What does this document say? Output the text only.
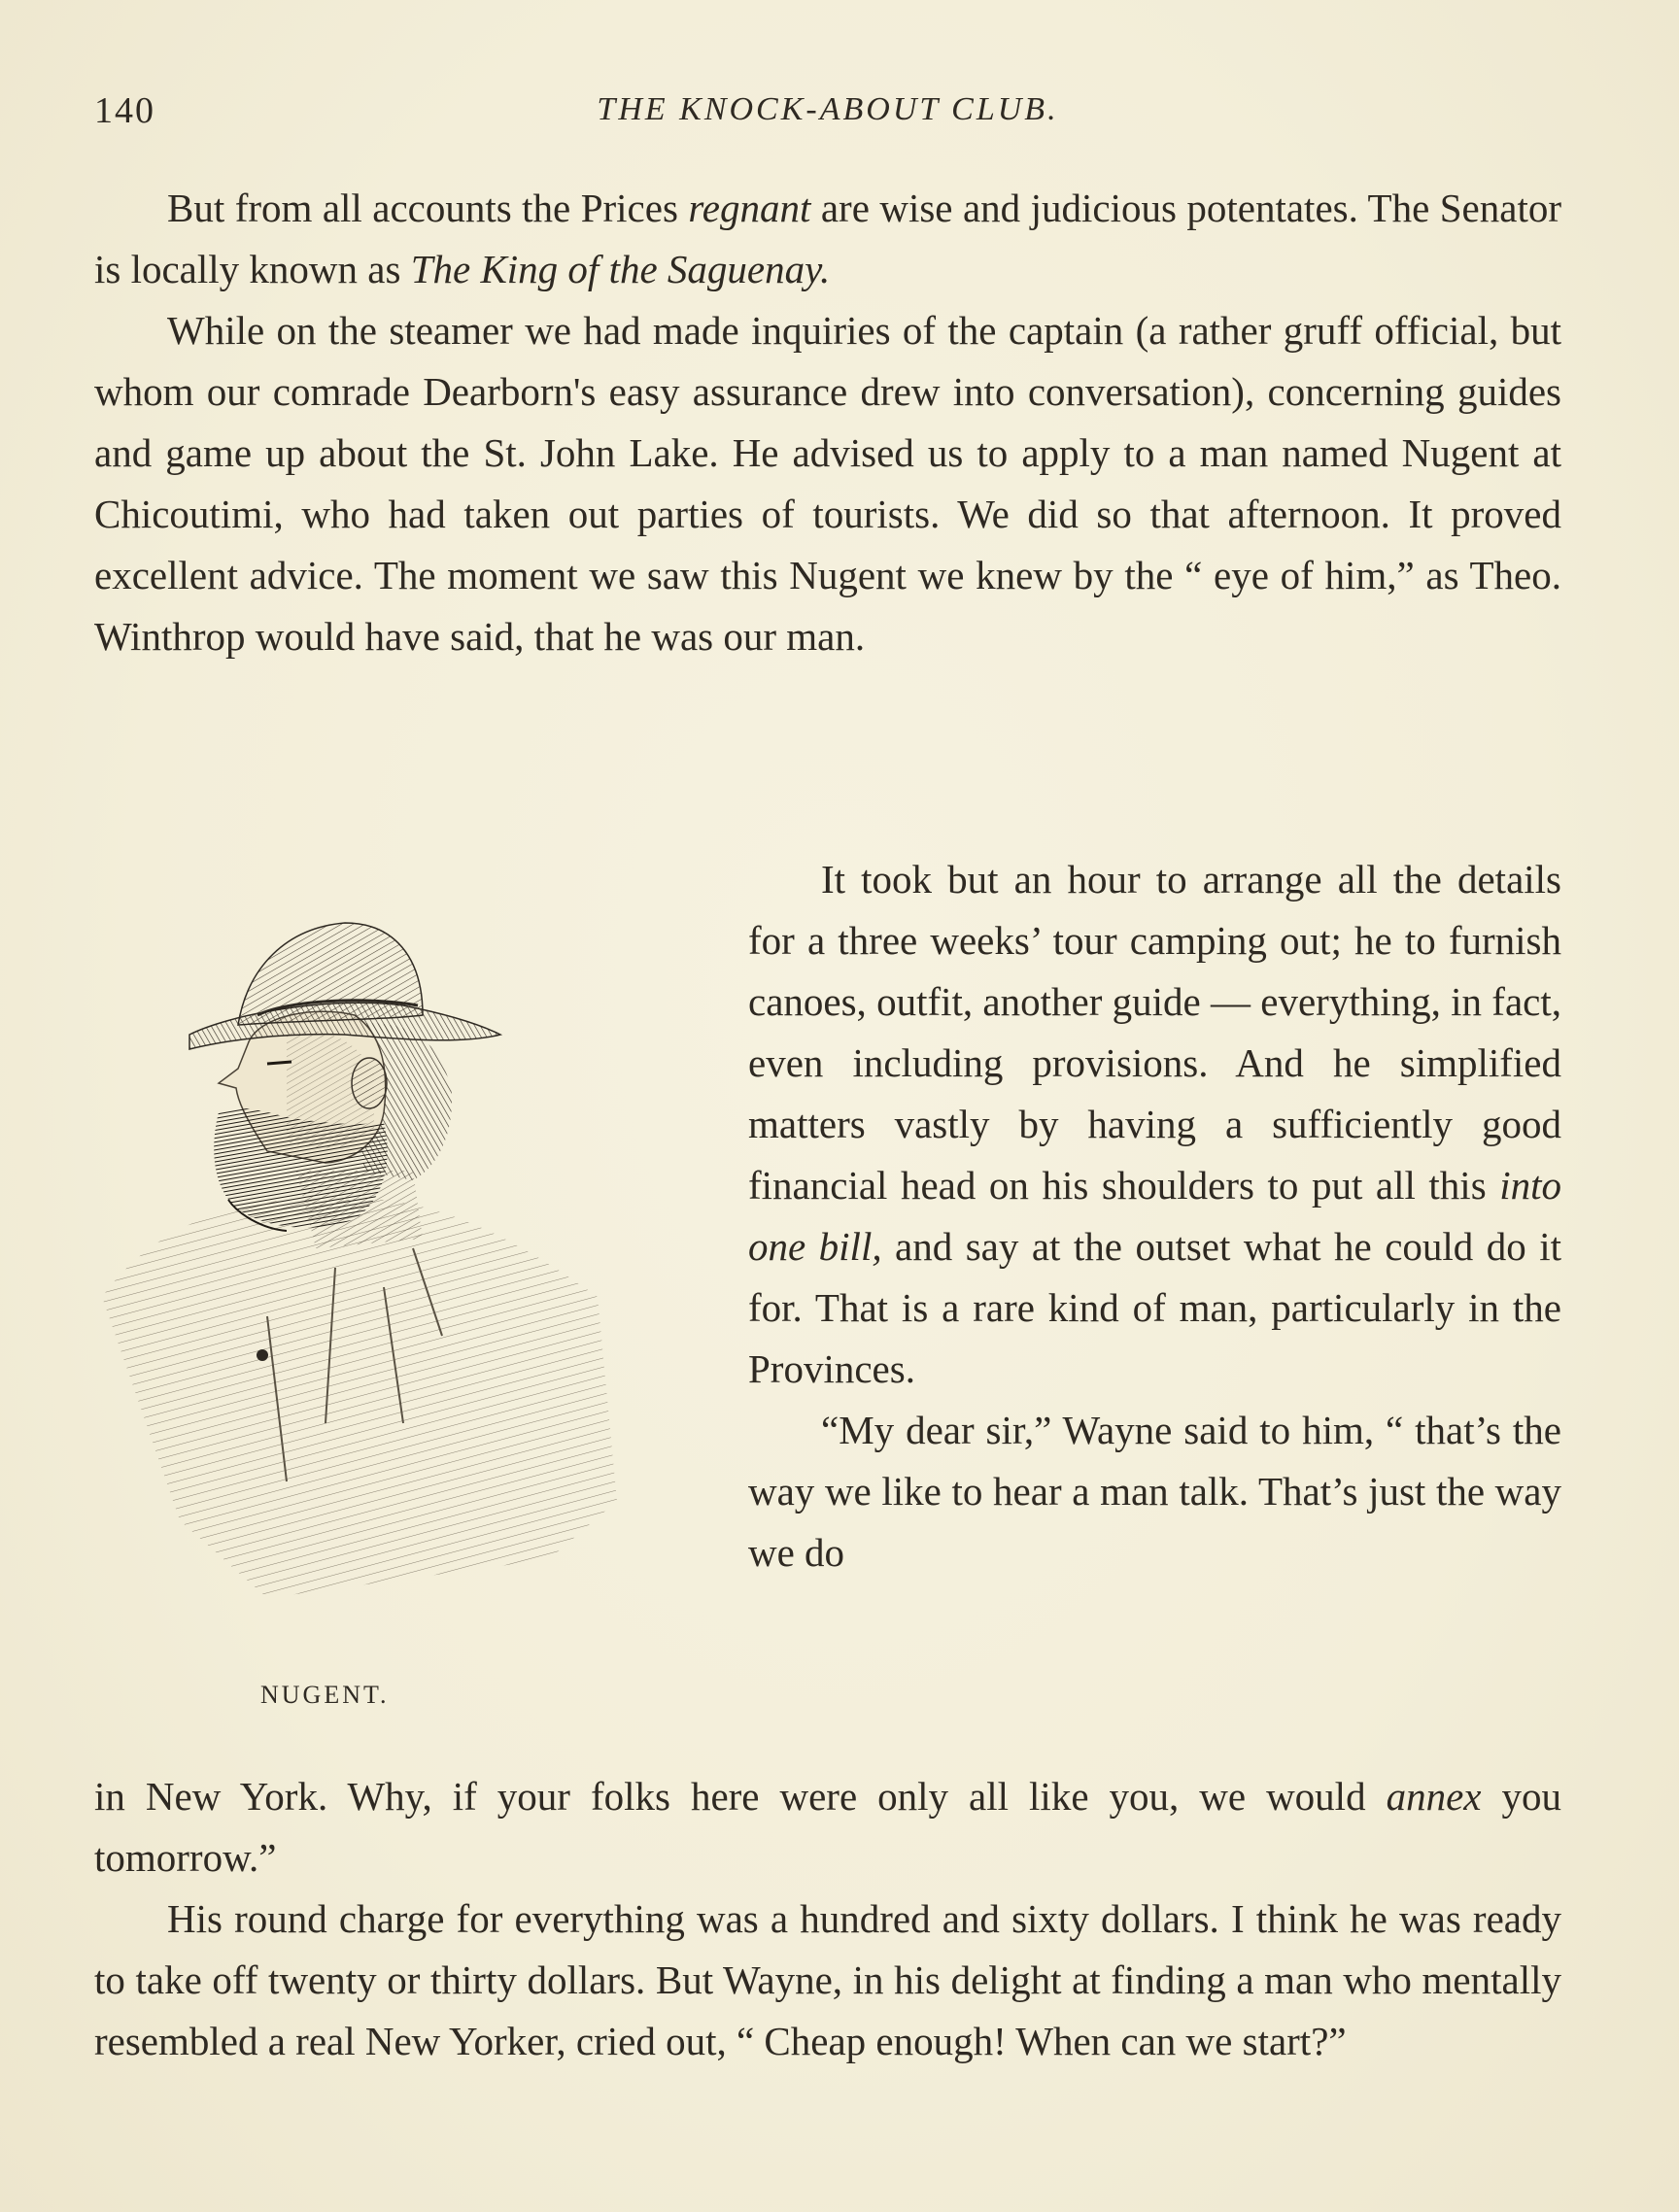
140	THE KNOCK-ABOUT CLUB.

But from all accounts the Prices regnant are wise and judicious potentates. The Senator is locally known as The King of the Saguenay.

While on the steamer we had made inquiries of the captain (a rather gruff official, but whom our comrade Dearborn's easy assurance drew into conversation), concerning guides and game up about the St. John Lake. He advised us to apply to a man named Nugent at Chicoutimi, who had taken out parties of tourists. We did so that afternoon. It proved excellent advice. The moment we saw this Nugent we knew by the “ eye of him,” as Theo. Winthrop would have said, that he was our man.

NUGENT.

It took but an hour to arrange all the details for a three weeks’ tour camping out; he to furnish canoes, outfit, another guide — everything, in fact, even including provisions. And he simplified matters vastly by having a sufficiently good financial head on his shoulders to put all this into one bill, and say at the outset what he could do it for. That is a rare kind of man, particularly in the Provinces.

“My dear sir,” Wayne said to him, “ that’s the way we like to hear a man talk. That’s just the way we do

in New York. Why, if your folks here were only all like you, we would annex you tomorrow.”

His round charge for everything was a hundred and sixty dollars. I think he was ready to take off twenty or thirty dollars. But Wayne, in his delight at finding a man who mentally resembled a real New Yorker, cried out, “ Cheap enough! When can we start?”
